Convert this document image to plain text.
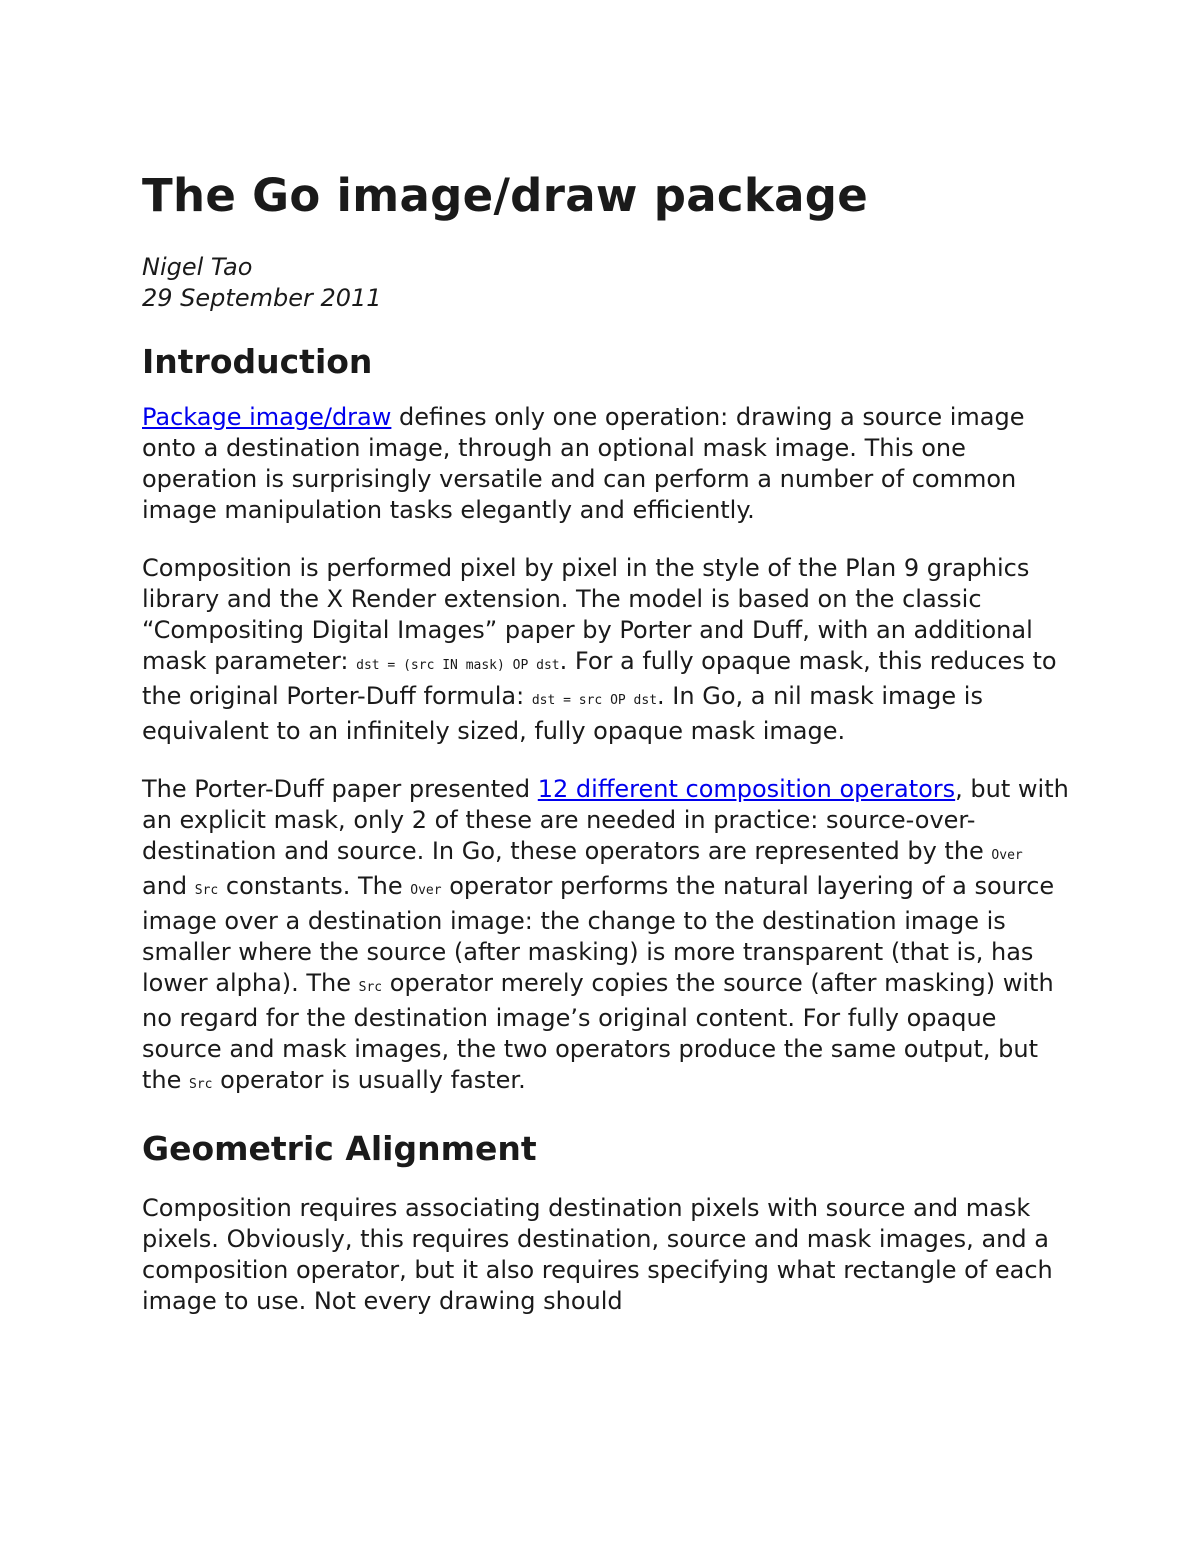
The Go image/draw package
Nigel Tao
29 September 2011
Introduction

Package image/draw defines only one operation: drawing a source image onto a destination image, through an optional mask image. This one operation is surprisingly versatile and can perform a number of common image manipulation tasks elegantly and efficiently.

Composition is performed pixel by pixel in the style of the Plan 9 graphics library and the X Render extension. The model is based on the classic “Compositing Digital Images” paper by Porter and Duff, with an additional mask parameter: dst = (src IN mask) OP dst. For a fully opaque mask, this reduces to the original Porter-Duff formula: dst = src OP dst. In Go, a nil mask image is equivalent to an infinitely sized, fully opaque mask image.

The Porter-Duff paper presented 12 different composition operators, but with an explicit mask, only 2 of these are needed in practice: source-over-destination and source. In Go, these operators are represented by the Over and Src constants. The Over operator performs the natural layering of a source image over a destination image: the change to the destination image is smaller where the source (after masking) is more transparent (that is, has lower alpha). The Src operator merely copies the source (after masking) with no regard for the destination image’s original content. For fully opaque source and mask images, the two operators produce the same output, but the Src operator is usually faster.

Geometric Alignment

Composition requires associating destination pixels with source and mask pixels. Obviously, this requires destination, source and mask images, and a composition operator, but it also requires specifying what rectangle of each image to use. Not every drawing should
